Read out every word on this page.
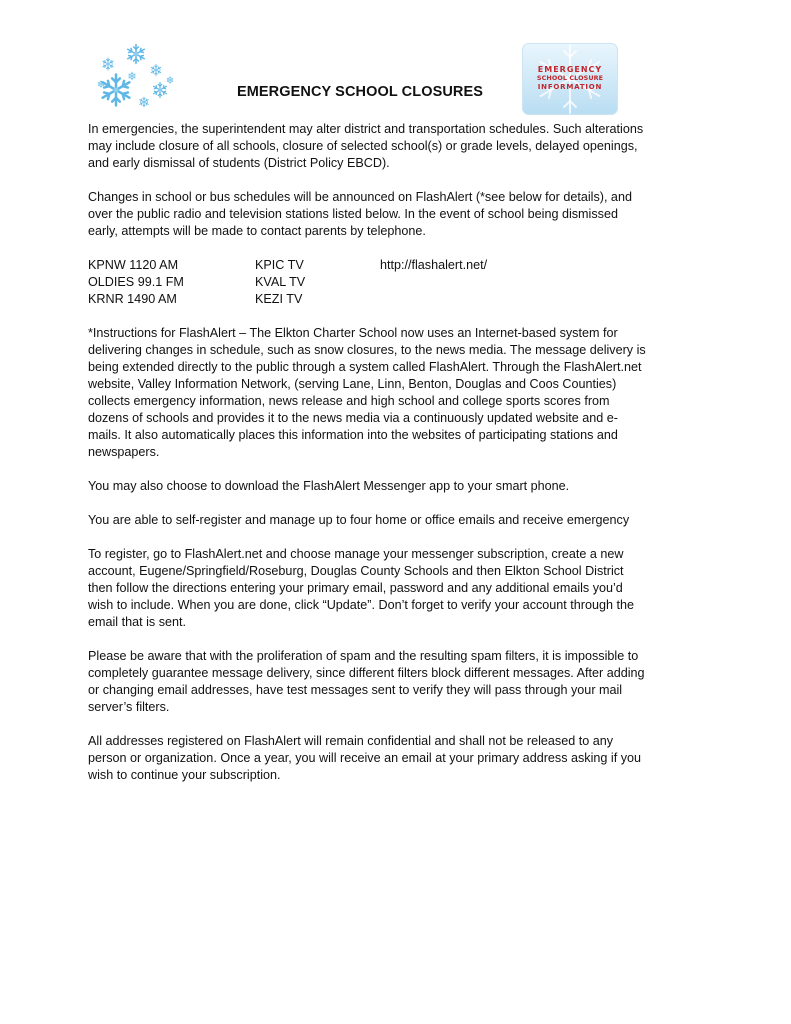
EMERGENCY SCHOOL CLOSURES
EMERGENCY
SCHOOL CLOSURE
INFORMATION

In emergencies, the superintendent may alter district and transportation schedules. Such alterations may include closure of all schools, closure of selected school(s) or grade levels, delayed openings, and early dismissal of students (District Policy EBCD).

Changes in school or bus schedules will be announced on FlashAlert (*see below for details), and over the public radio and television stations listed below. In the event of school being dismissed early, attempts will be made to contact parents by telephone.

KPNW 1120 AM
OLDIES 99.1 FM
KRNR 1490 AM
KPIC TV
KVAL TV
KEZI TV
http://flashalert.net/

*Instructions for FlashAlert – The Elkton Charter School now uses an Internet-based system for delivering changes in schedule, such as snow closures, to the news media. The message delivery is being extended directly to the public through a system called FlashAlert. Through the FlashAlert.net website, Valley Information Network, (serving Lane, Linn, Benton, Douglas and Coos Counties) collects emergency information, news release and high school and college sports scores from dozens of schools and provides it to the news media via a continuously updated website and e-mails. It also automatically places this information into the websites of participating stations and newspapers.

You may also choose to download the FlashAlert Messenger app to your smart phone.

You are able to self-register and manage up to four home or office emails and receive emergency

To register, go to FlashAlert.net and choose manage your messenger subscription, create a new account, Eugene/Springfield/Roseburg, Douglas County Schools and then Elkton School District then follow the directions entering your primary email, password and any additional emails you’d wish to include. When you are done, click “Update”. Don’t forget to verify your account through the email that is sent.

Please be aware that with the proliferation of spam and the resulting spam filters, it is impossible to completely guarantee message delivery, since different filters block different messages. After adding or changing email addresses, have test messages sent to verify they will pass through your mail server’s filters.

All addresses registered on FlashAlert will remain confidential and shall not be released to any person or organization. Once a year, you will receive an email at your primary address asking if you wish to continue your subscription.
